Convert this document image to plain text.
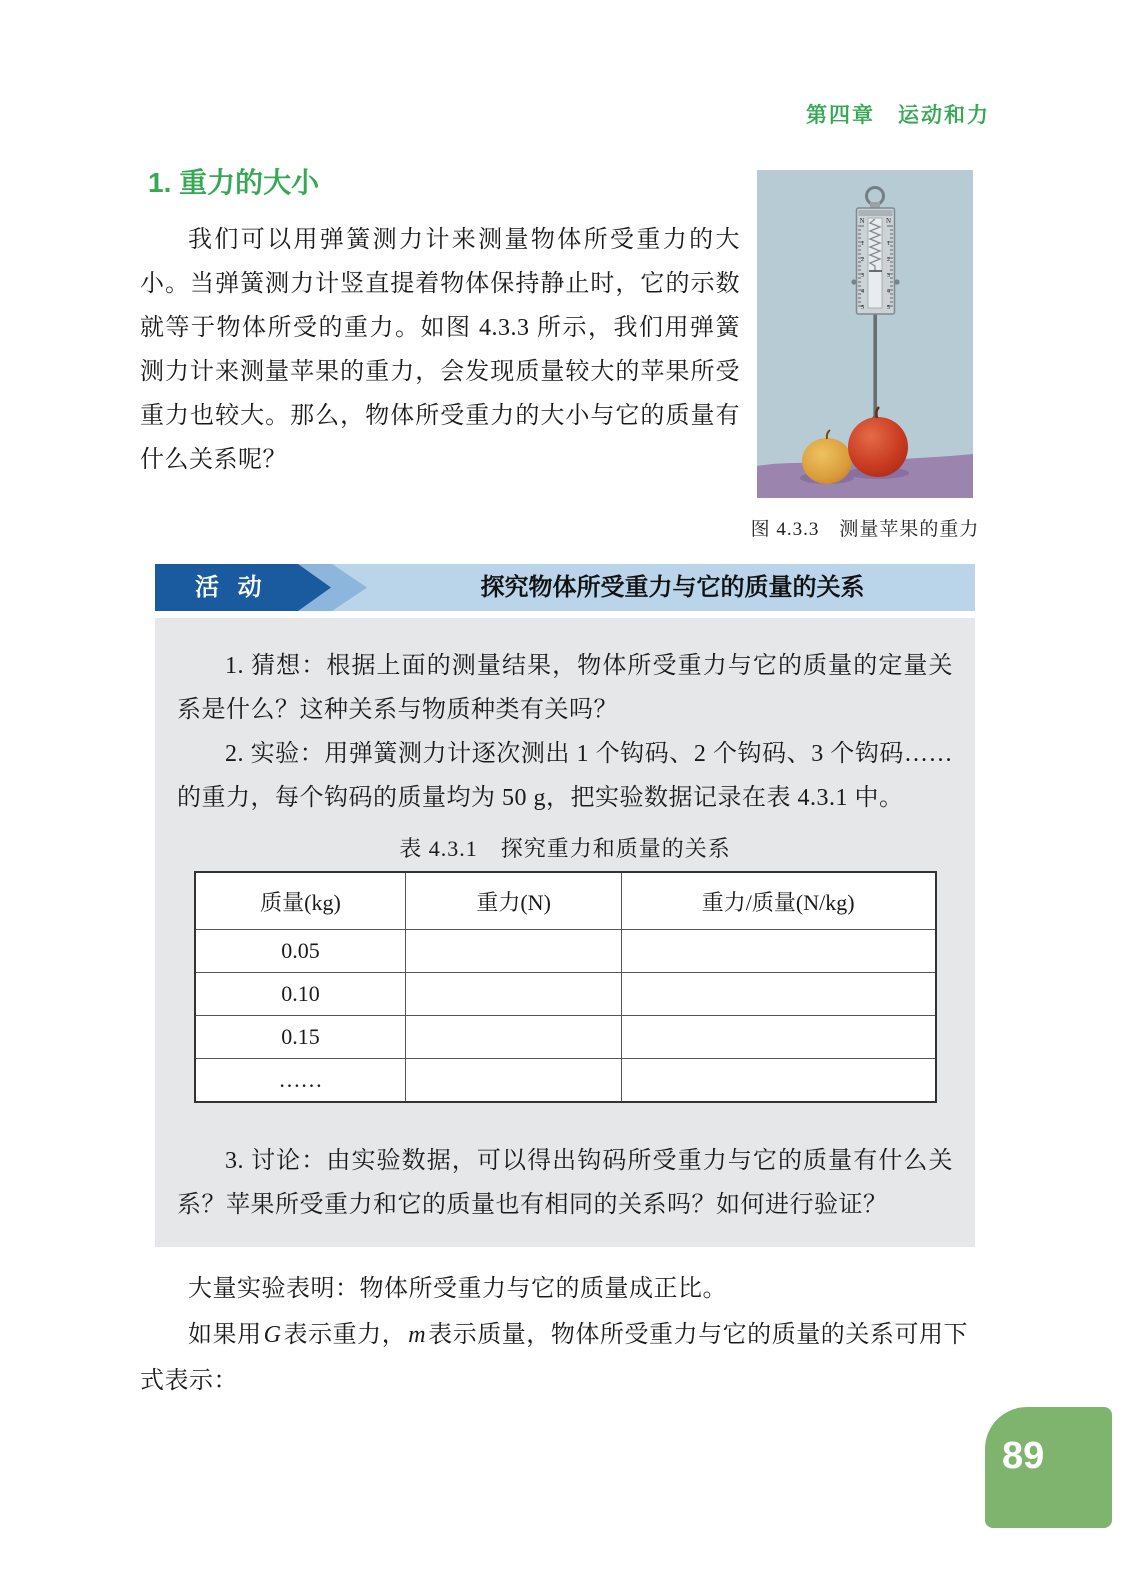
第四章　运动和力
N	N
1
2
3
4
5
1
2
3
4
5
图 4.3.3　测量苹果的重力
1. 重力的大小

我们可以用弹簧测力计来测量物体所受重力的大小。当弹簧测力计竖直提着物体保持静止时，它的示数就等于物体所受的重力。如图 4.3.3 所示，我们用弹簧测力计来测量苹果的重力，会发现质量较大的苹果所受重力也较大。那么，物体所受重力的大小与它的质量有什么关系呢？

活 动	探究物体所受重力与它的质量的关系

1. 猜想：根据上面的测量结果，物体所受重力与它的质量的定量关系是什么？这种关系与物质种类有关吗？

2. 实验：用弹簧测力计逐次测出 1 个钩码、2 个钩码、3 个钩码……的重力，每个钩码的质量均为 50 g，把实验数据记录在表 4.3.1 中。

表 4.3.1　探究重力和质量的关系
质量(kg)	重力(N)	重力/质量(N/kg)
0.05		
0.10		
0.15		
……		

3. 讨论：由实验数据，可以得出钩码所受重力与它的质量有什么关系？苹果所受重力和它的质量也有相同的关系吗？如何进行验证？

大量实验表明：物体所受重力与它的质量成正比。

如果用G表示重力，m表示质量，物体所受重力与它的质量的关系可用下式表示：

89
